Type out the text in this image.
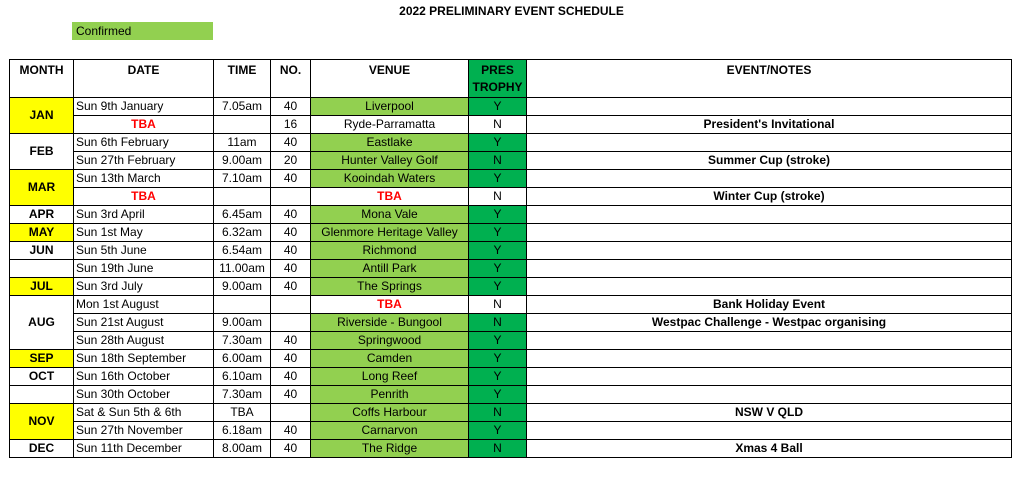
2022 PRELIMINARY EVENT SCHEDULE
Confirmed
MONTH	DATE	TIME	NO.	VENUE	PRES TROPHY	EVENT/NOTES
JAN	Sun 9th January	7.05am	40	Liverpool	Y	
	TBA		16	Ryde-Parramatta	N	President's Invitational
FEB	Sun 6th February	11am	40	Eastlake	Y	
	Sun 27th February	9.00am	20	Hunter Valley Golf	N	Summer Cup (stroke)
MAR	Sun 13th March	7.10am	40	Kooindah Waters	Y	
	TBA			TBA	N	Winter Cup (stroke)
APR	Sun 3rd April	6.45am	40	Mona Vale	Y	
MAY	Sun 1st May	6.32am	40	Glenmore Heritage Valley	Y	
JUN	Sun 5th June	6.54am	40	Richmond	Y	
	Sun 19th June	11.00am	40	Antill Park	Y	
JUL	Sun 3rd July	9.00am	40	The Springs	Y	
AUG	Mon 1st August			TBA	N	Bank Holiday Event
	Sun 21st August	9.00am		Riverside - Bungool	N	Westpac Challenge - Westpac organising
	Sun 28th August	7.30am	40	Springwood	Y	
SEP	Sun 18th September	6.00am	40	Camden	Y	
OCT	Sun 16th October	6.10am	40	Long Reef	Y	
	Sun 30th October	7.30am	40	Penrith	Y	
NOV	Sat & Sun 5th & 6th	TBA		Coffs Harbour	N	NSW V QLD
	Sun 27th November	6.18am	40	Carnarvon	Y	
DEC	Sun 11th December	8.00am	40	The Ridge	N	Xmas 4 Ball
